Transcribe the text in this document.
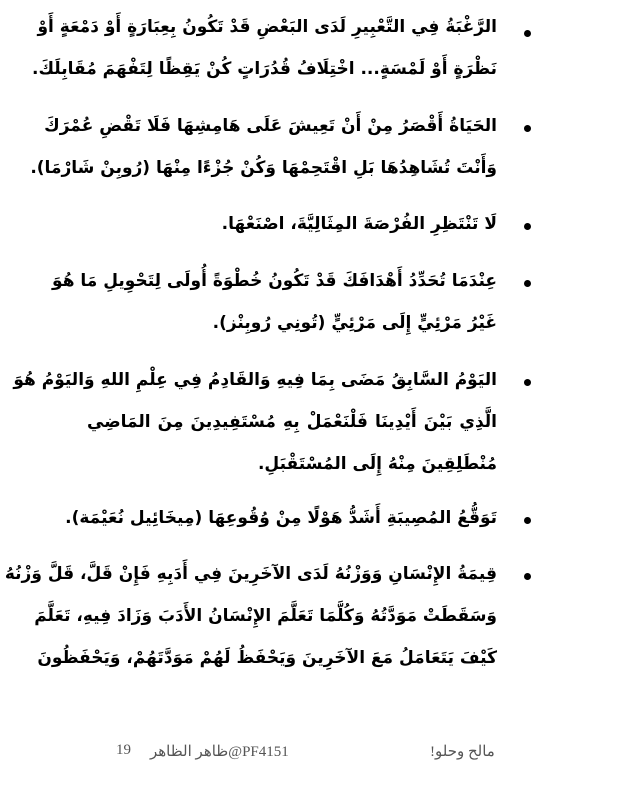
الرَّغْبَةُ فِي التَّعْبِيرِ لَدَى البَعْضِ قَدْ تَكُونُ بِعِبَارَةٍ أَوْ دَمْعَةٍ أَوْ
نَظْرَةٍ أَوْ لَمْسَةٍ... اخْتِلَافُ قُدُرَاتٍ كُنْ يَقِظًا لِتَفْهَمَ مُقَابِلَكَ.
الحَيَاةُ أَقْصَرُ مِنْ أَنْ تَعِيشَ عَلَى هَامِشِهَا فَلَا تَقْضِ عُمْرَكَ
وَأَنْتَ تُشَاهِدُهَا بَلِ اقْتَحِمْهَا وَكُنْ جُزْءًا مِنْهَا (رُوبِنْ شَارْمَا).
لَا تَنْتَظِرِ الفُرْصَةَ المِثَالِيَّةَ، اصْنَعْهَا.
عِنْدَمَا تُحَدِّدُ أَهْدَافَكَ قَدْ تَكُونُ خُطْوَةً أُولَى لِتَحْوِيلِ مَا هُوَ
غَيْرُ مَرْئِيٍّ إِلَى مَرْئِيٍّ (تُونِي رُوبِنْز).
اليَوْمُ السَّابِقُ مَضَى بِمَا فِيهِ وَالقَادِمُ فِي عِلْمِ اللهِ وَاليَوْمُ هُوَ
الَّذِي بَيْنَ أَيْدِينَا فَلْنَعْمَلْ بِهِ مُسْتَفِيدِينَ مِنَ المَاضِي
مُنْطَلِقِينَ مِنْهُ إِلَى المُسْتَقْبَلِ.
تَوَقُّعُ المُصِيبَةِ أَشَدُّ هَوْلًا مِنْ وُقُوعِهَا (مِيخَائِيل نُعَيْمَة).
قِيمَةُ الإِنْسَانِ وَوَزْنُهُ لَدَى الآخَرِينَ فِي أَدَبِهِ فَإِنْ قَلَّ، قَلَّ وَزْنُهُ
وَسَقَطَتْ مَوَدَّتُهُ وَكُلَّمَا تَعَلَّمَ الإِنْسَانُ الأَدَبَ وَزَادَ فِيهِ، تَعَلَّمَ
كَيْفَ يَتَعَامَلُ مَعَ الآخَرِينَ وَيَحْفَظُ لَهُمْ مَوَدَّتَهُمْ، وَيَحْفَظُونَ
مالح وحلو!
ظاهر الظاهر@PF4151
19
